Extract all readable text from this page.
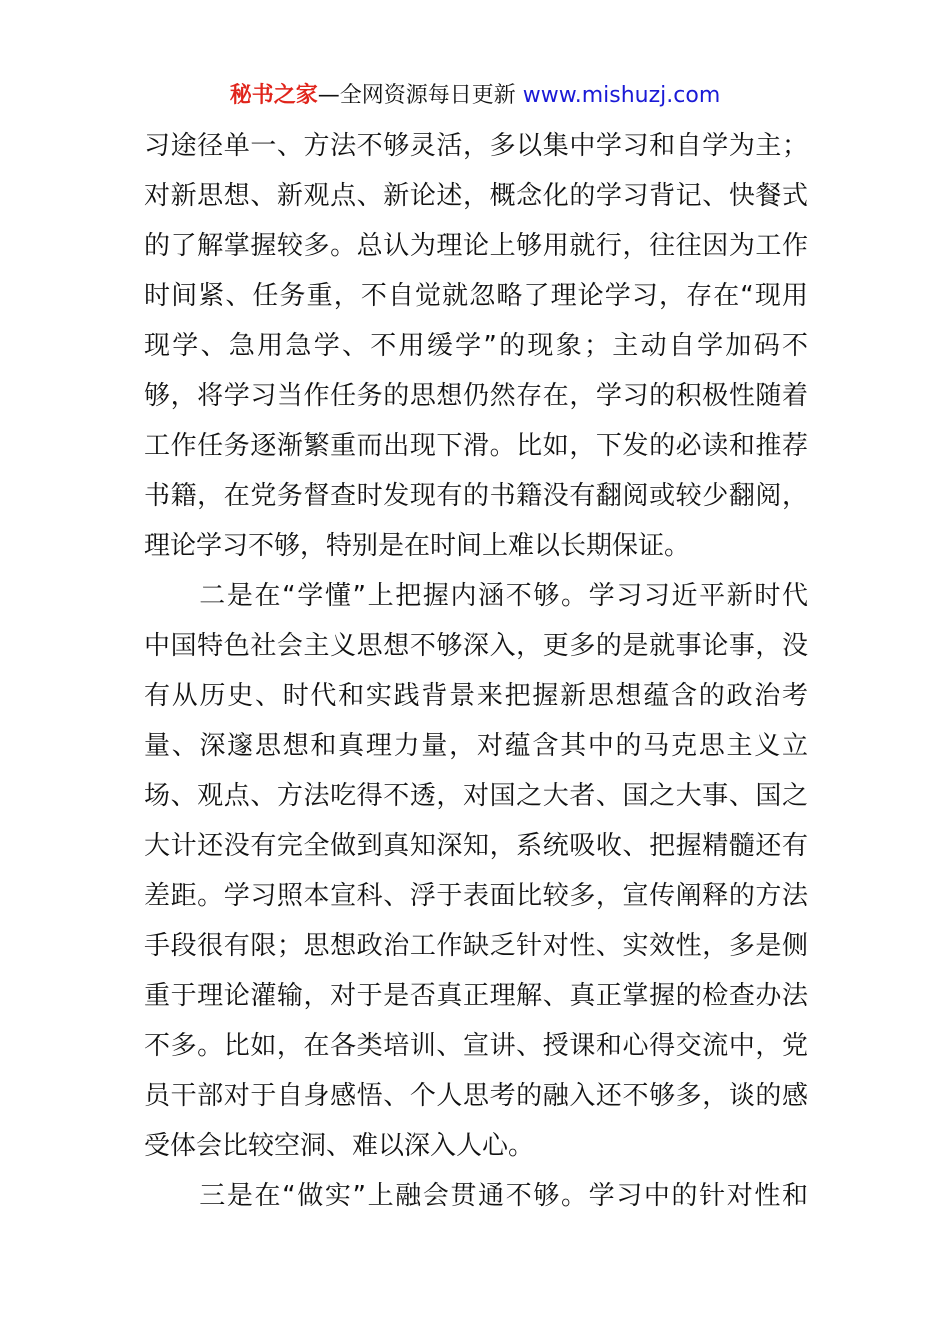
秘书之家—全网资源每日更新 www.mishuzj.com
习途径单一、方法不够灵活，多以集中学习和自学为主；
对新思想、新观点、新论述，概念化的学习背记、快餐式
的了解掌握较多。总认为理论上够用就行，往往因为工作
时间紧、任务重，不自觉就忽略了理论学习，存在“现用
现学、急用急学、不用缓学”的现象；主动自学加码不
够，将学习当作任务的思想仍然存在，学习的积极性随着
工作任务逐渐繁重而出现下滑。比如，下发的必读和推荐
书籍，在党务督查时发现有的书籍没有翻阅或较少翻阅，
理论学习不够，特别是在时间上难以长期保证。
　　二是在“学懂”上把握内涵不够。学习习近平新时代
中国特色社会主义思想不够深入，更多的是就事论事，没
有从历史、时代和实践背景来把握新思想蕴含的政治考
量、深邃思想和真理力量，对蕴含其中的马克思主义立
场、观点、方法吃得不透，对国之大者、国之大事、国之
大计还没有完全做到真知深知，系统吸收、把握精髓还有
差距。学习照本宣科、浮于表面比较多，宣传阐释的方法
手段很有限；思想政治工作缺乏针对性、实效性，多是侧
重于理论灌输，对于是否真正理解、真正掌握的检查办法
不多。比如，在各类培训、宣讲、授课和心得交流中，党
员干部对于自身感悟、个人思考的融入还不够多，谈的感
受体会比较空洞、难以深入人心。
　　三是在“做实”上融会贯通不够。学习中的针对性和
